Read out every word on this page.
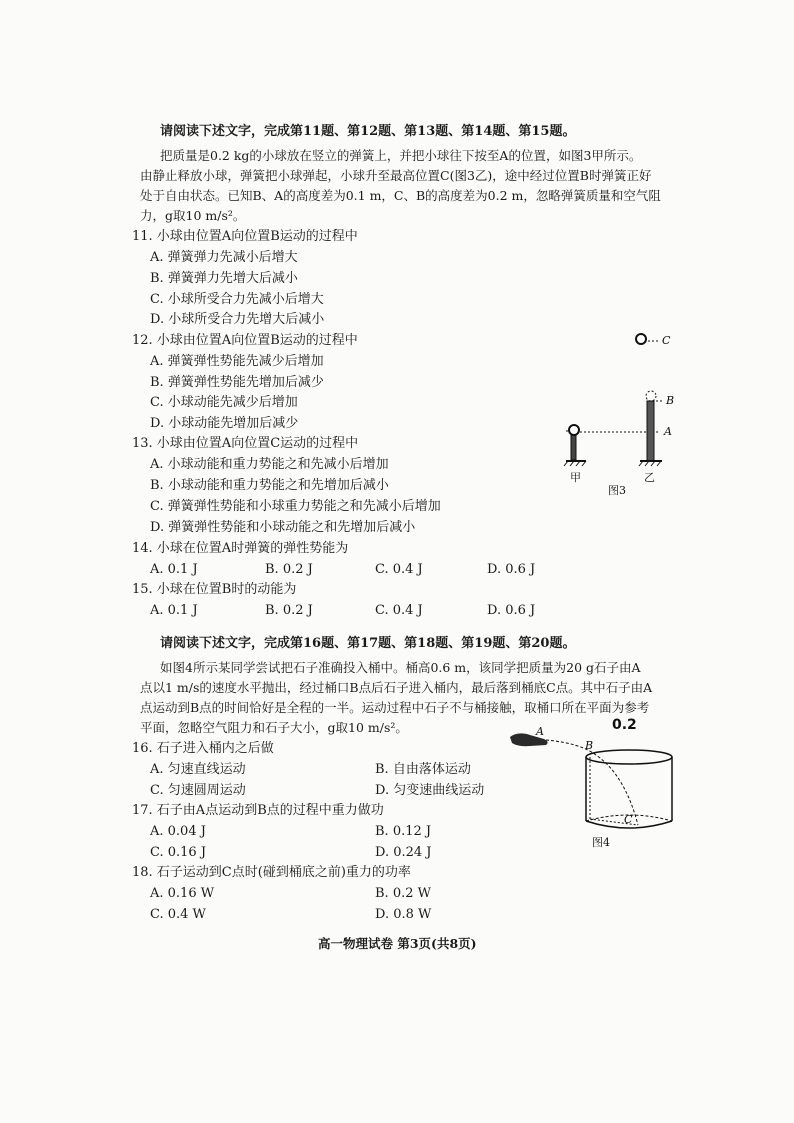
请阅读下述文字，完成第11题、第12题、第13题、第14题、第15题。
把质量是0.2 kg的小球放在竖立的弹簧上，并把小球往下按至A的位置，如图3甲所示。
由静止释放小球，弹簧把小球弹起，小球升至最高位置C(图3乙)，途中经过位置B时弹簧正好
处于自由状态。已知B、A的高度差为0.1 m，C、B的高度差为0.2 m，忽略弹簧质量和空气阻
力，g取10 m/s²。
11. 小球由位置A向位置B运动的过程中
A. 弹簧弹力先减小后增大
B. 弹簧弹力先增大后减小
C. 小球所受合力先减小后增大
D. 小球所受合力先增大后减小
12. 小球由位置A向位置B运动的过程中
A. 弹簧弹性势能先减少后增加
B. 弹簧弹性势能先增加后减少
C. 小球动能先减少后增加
D. 小球动能先增加后减少
13. 小球由位置A向位置C运动的过程中
A. 小球动能和重力势能之和先减小后增加
B. 小球动能和重力势能之和先增加后减小
C. 弹簧弹性势能和小球重力势能之和先减小后增加
D. 弹簧弹性势能和小球动能之和先增加后减小
14. 小球在位置A时弹簧的弹性势能为
A. 0.1 J	B. 0.2 J	C. 0.4 J	D. 0.6 J
15. 小球在位置B时的动能为
A. 0.1 J	B. 0.2 J	C. 0.4 J	D. 0.6 J
C
甲
B
A
乙
图3
请阅读下述文字，完成第16题、第17题、第18题、第19题、第20题。
如图4所示某同学尝试把石子准确投入桶中。桶高0.6 m，该同学把质量为20 g石子由A
点以1 m/s的速度水平抛出，经过桶口B点后石子进入桶内，最后落到桶底C点。其中石子由A
点运动到B点的时间恰好是全程的一半。运动过程中石子不与桶接触，取桶口所在平面为参考
平面，忽略空气阻力和石子大小，g取10 m/s²。
16. 石子进入桶内之后做
A. 匀速直线运动	B. 自由落体运动
C. 匀速圆周运动	D. 匀变速曲线运动
17. 石子由A点运动到B点的过程中重力做功
A. 0.04 J	B. 0.12 J
C. 0.16 J	D. 0.24 J
18. 石子运动到C点时(碰到桶底之前)重力的功率
A. 0.16 W	B. 0.2 W
C. 0.4 W	D. 0.8 W
0.2
A
B
C
图4
高一物理试卷 第3页(共8页)
